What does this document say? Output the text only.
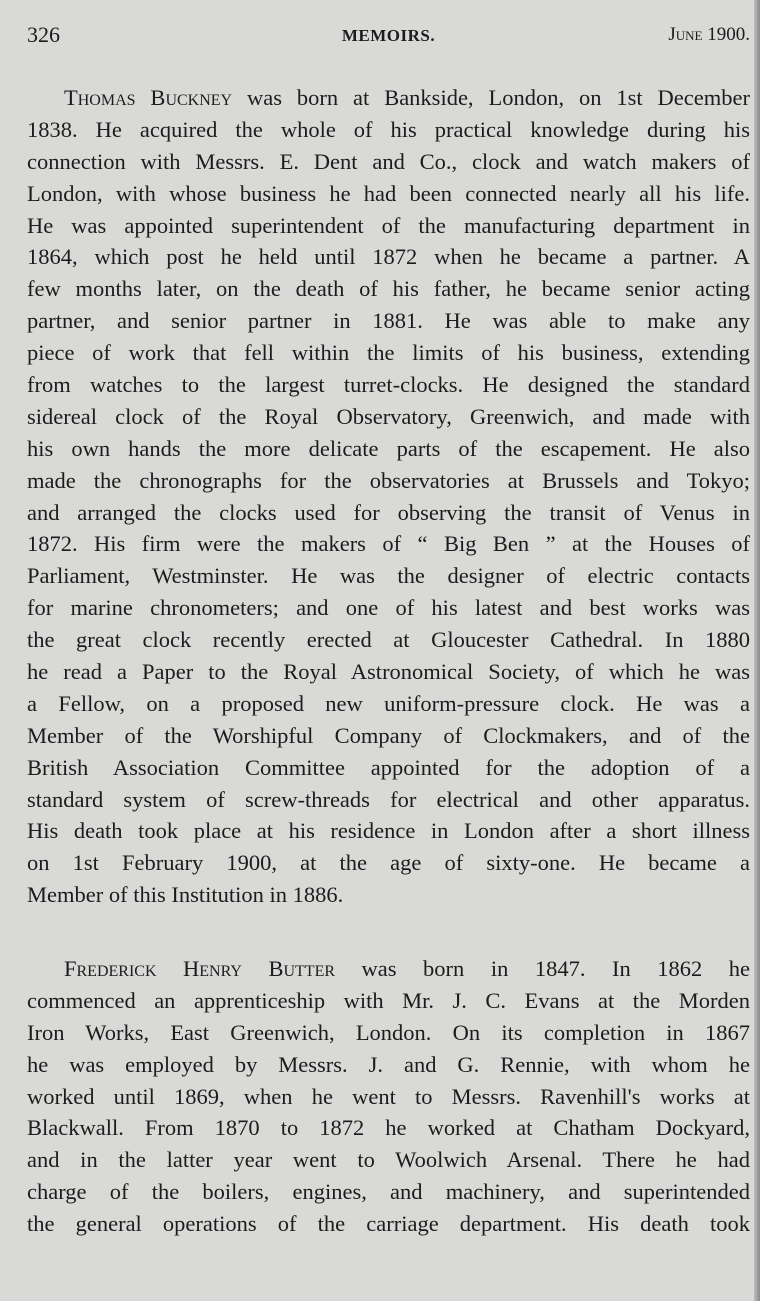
326	MEMOIRS.	June 1900.
Thomas Buckney was born at Bankside, London, on 1st December
1838. He acquired the whole of his practical knowledge during his
connection with Messrs. E. Dent and Co., clock and watch makers of
London, with whose business he had been connected nearly all his life.
He was appointed superintendent of the manufacturing department in
1864, which post he held until 1872 when he became a partner. A
few months later, on the death of his father, he became senior acting
partner, and senior partner in 1881. He was able to make any
piece of work that fell within the limits of his business, extending
from watches to the largest turret-clocks. He designed the standard
sidereal clock of the Royal Observatory, Greenwich, and made with
his own hands the more delicate parts of the escapement. He also
made the chronographs for the observatories at Brussels and Tokyo;
and arranged the clocks used for observing the transit of Venus in
1872. His firm were the makers of “ Big Ben ” at the Houses of
Parliament, Westminster. He was the designer of electric contacts
for marine chronometers; and one of his latest and best works was
the great clock recently erected at Gloucester Cathedral. In 1880
he read a Paper to the Royal Astronomical Society, of which he was
a Fellow, on a proposed new uniform-pressure clock. He was a
Member of the Worshipful Company of Clockmakers, and of the
British Association Committee appointed for the adoption of a
standard system of screw-threads for electrical and other apparatus.
His death took place at his residence in London after a short illness
on 1st February 1900, at the age of sixty-one. He became a
Member of this Institution in 1886.
Frederick Henry Butter was born in 1847. In 1862 he
commenced an apprenticeship with Mr. J. C. Evans at the Morden
Iron Works, East Greenwich, London. On its completion in 1867
he was employed by Messrs. J. and G. Rennie, with whom he
worked until 1869, when he went to Messrs. Ravenhill's works at
Blackwall. From 1870 to 1872 he worked at Chatham Dockyard,
and in the latter year went to Woolwich Arsenal. There he had
charge of the boilers, engines, and machinery, and superintended
the general operations of the carriage department. His death took
